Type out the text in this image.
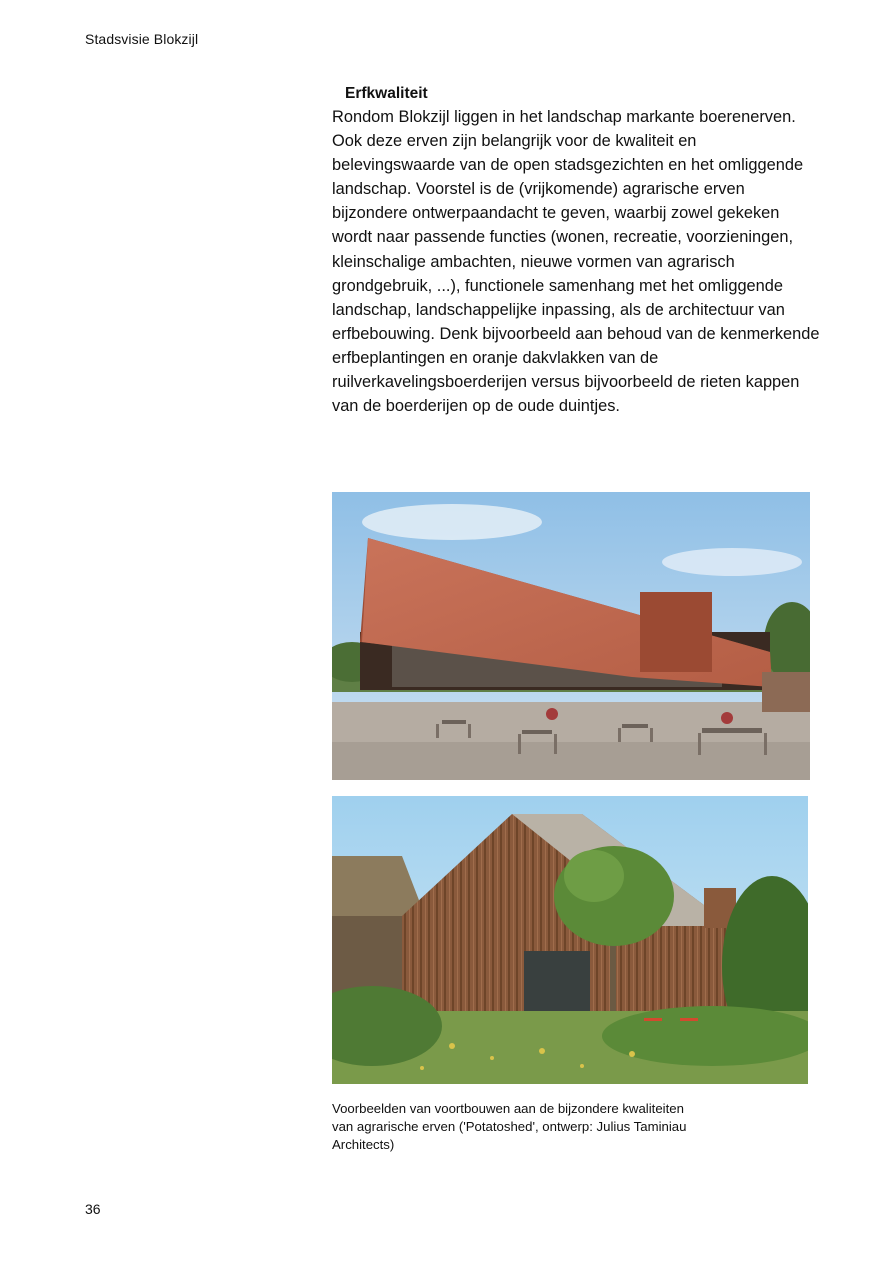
Stadsvisie Blokzijl
Erfkwaliteit

Rondom Blokzijl liggen in het landschap markante boerenerven. Ook deze erven zijn belangrijk voor de kwaliteit en belevingswaarde van de open stadsgezichten en het omliggende landschap. Voorstel is de (vrijkomende) agrarische erven bijzondere ontwerpaandacht te geven, waarbij zowel gekeken wordt naar passende functies (wonen, recreatie, voorzieningen, kleinschalige ambachten, nieuwe vormen van agrarisch grondgebruik, ...), functionele samenhang met het omliggende landschap, landschappelijke inpassing, als de architectuur van erfbebouwing. Denk bijvoorbeeld aan behoud van de kenmerkende erfbeplantingen en oranje dakvlakken van de ruilverkavelingsboerderijen versus bijvoorbeeld de rieten kappen van de boerderijen op de oude duintjes.

Voorbeelden van voortbouwen aan de bijzondere kwaliteiten van agrarische erven ('Potatoshed', ontwerp: Julius Taminiau Architects)

36
